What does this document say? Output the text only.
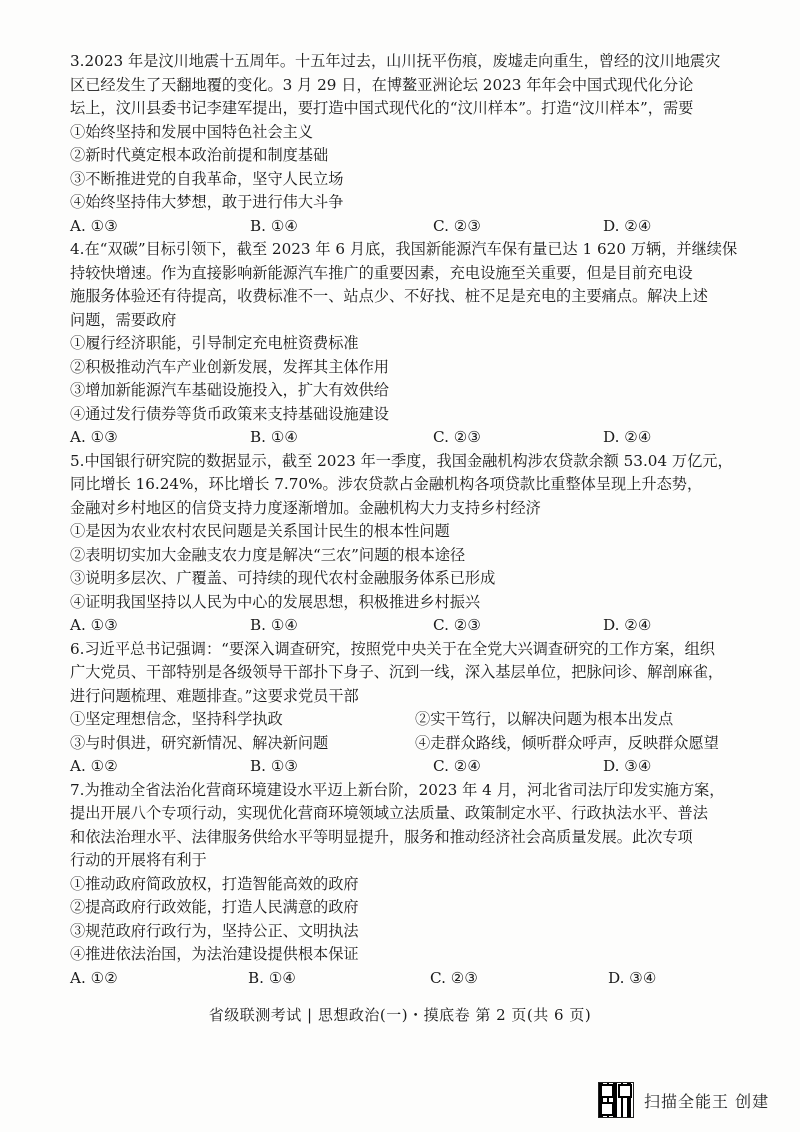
3.2023 年是汶川地震十五周年。十五年过去，山川抚平伤痕，废墟走向重生，曾经的汶川地震灾
区已经发生了天翻地覆的变化。3 月 29 日，在博鳌亚洲论坛 2023 年年会中国式现代化分论
坛上，汶川县委书记李建军提出，要打造中国式现代化的“汶川样本”。打造“汶川样本”，需要
①始终坚持和发展中国特色社会主义
②新时代奠定根本政治前提和制度基础
③不断推进党的自我革命，坚守人民立场
④始终坚持伟大梦想，敢于进行伟大斗争
A. ①③	B. ①④	C. ②③	D. ②④
4.在“双碳”目标引领下，截至 2023 年 6 月底，我国新能源汽车保有量已达 1 620 万辆，并继续保
持较快增速。作为直接影响新能源汽车推广的重要因素，充电设施至关重要，但是目前充电设
施服务体验还有待提高，收费标准不一、站点少、不好找、桩不足是充电的主要痛点。解决上述
问题，需要政府
①履行经济职能，引导制定充电桩资费标准
②积极推动汽车产业创新发展，发挥其主体作用
③增加新能源汽车基础设施投入，扩大有效供给
④通过发行债券等货币政策来支持基础设施建设
A. ①③	B. ①④	C. ②③	D. ②④
5.中国银行研究院的数据显示，截至 2023 年一季度，我国金融机构涉农贷款余额 53.04 万亿元，
同比增长 16.24%，环比增长 7.70%。涉农贷款占金融机构各项贷款比重整体呈现上升态势，
金融对乡村地区的信贷支持力度逐渐增加。金融机构大力支持乡村经济
①是因为农业农村农民问题是关系国计民生的根本性问题
②表明切实加大金融支农力度是解决“三农”问题的根本途径
③说明多层次、广覆盖、可持续的现代农村金融服务体系已形成
④证明我国坚持以人民为中心的发展思想，积极推进乡村振兴
A. ①③	B. ①④	C. ②③	D. ②④
6.习近平总书记强调：“要深入调查研究，按照党中央关于在全党大兴调查研究的工作方案，组织
广大党员、干部特别是各级领导干部扑下身子、沉到一线，深入基层单位，把脉问诊、解剖麻雀，
进行问题梳理、难题排查。”这要求党员干部
①坚定理想信念，坚持科学执政	②实干笃行，以解决问题为根本出发点
③与时俱进，研究新情况、解决新问题	④走群众路线，倾听群众呼声，反映群众愿望
A. ①②	B. ①③	C. ②④	D. ③④
7.为推动全省法治化营商环境建设水平迈上新台阶，2023 年 4 月，河北省司法厅印发实施方案，
提出开展八个专项行动，实现优化营商环境领域立法质量、政策制定水平、行政执法水平、普法
和依法治理水平、法律服务供给水平等明显提升，服务和推动经济社会高质量发展。此次专项
行动的开展将有利于
①推动政府简政放权，打造智能高效的政府
②提高政府行政效能，打造人民满意的政府
③规范政府行政行为，坚持公正、文明执法
④推进依法治国，为法治建设提供根本保证
A. ①②	B. ①④	C. ②③	D. ③④
省级联测考试 | 思想政治(一)・摸底卷 第 2 页(共 6 页)
扫描全能王 创建
